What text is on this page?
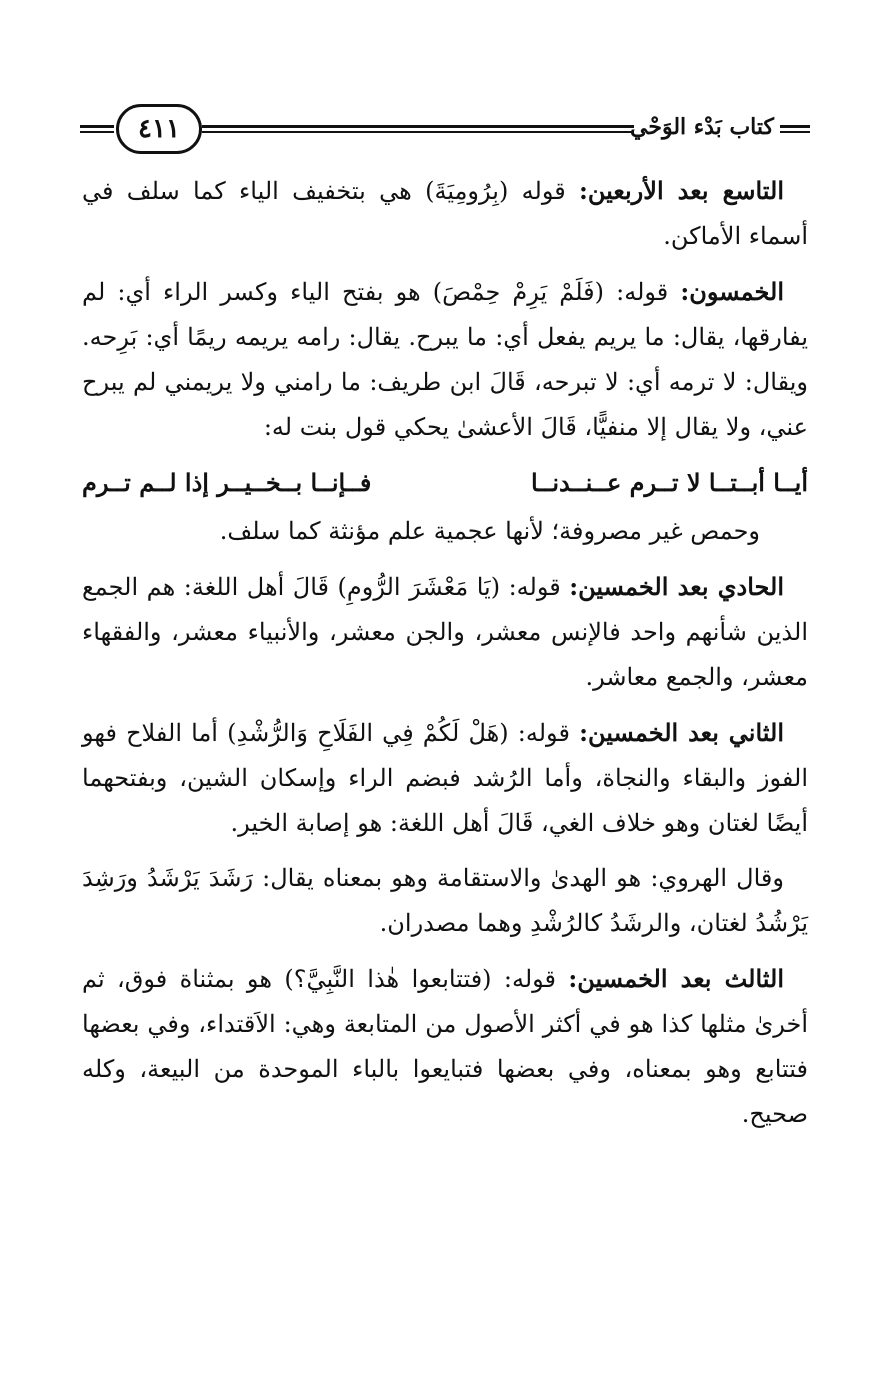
٤١١	كتاب بَدْء الوَحْي

التاسع بعد الأربعين: قوله (بِرُومِيَةَ) هي بتخفيف الياء كما سلف في أسماء الأماكن.

الخمسون: قوله: (فَلَمْ يَرِمْ حِمْصَ) هو بفتح الياء وكسر الراء أي: لم يفارقها، يقال: ما يريم يفعل أي: ما يبرح. يقال: رامه يريمه ريمًا أي: بَرِحه. ويقال: لا ترمه أي: لا تبرحه، قَالَ ابن طريف: ما رامني ولا يريمني لم يبرح عني، ولا يقال إلا منفيًّا، قَالَ الأعشىٰ يحكي قول بنت له:

أيــا أبــتــا لا تــرم عــنــدنــا
فــإنــا بــخــيــر إذا لــم تــرم

وحمص غير مصروفة؛ لأنها عجمية علم مؤنثة كما سلف.

الحادي بعد الخمسين: قوله: (يَا مَعْشَرَ الرُّومِ) قَالَ أهل اللغة: هم الجمع الذين شأنهم واحد فالإنس معشر، والجن معشر، والأنبياء معشر، والفقهاء معشر، والجمع معاشر.

الثاني بعد الخمسين: قوله: (هَلْ لَكُمْ فِي الفَلَاحِ وَالرُّشْدِ) أما الفلاح فهو الفوز والبقاء والنجاة، وأما الرُشد فبضم الراء وإسكان الشين، وبفتحهما أيضًا لغتان وهو خلاف الغي، قَالَ أهل اللغة: هو إصابة الخير.

وقال الهروي: هو الهدىٰ والاستقامة وهو بمعناه يقال: رَشَدَ يَرْشَدُ ورَشِدَ يَرْشُدُ لغتان، والرشَدُ كالرُشْدِ وهما مصدران.

الثالث بعد الخمسين: قوله: (فتتابعوا هٰذا النَّبِيَّ؟) هو بمثناة فوق، ثم أخرىٰ مثلها كذا هو في أكثر الأصول من المتابعة وهي: الاَقتداء، وفي بعضها فتتابع وهو بمعناه، وفي بعضها فتبايعوا بالباء الموحدة من البيعة، وكله صحيح.
